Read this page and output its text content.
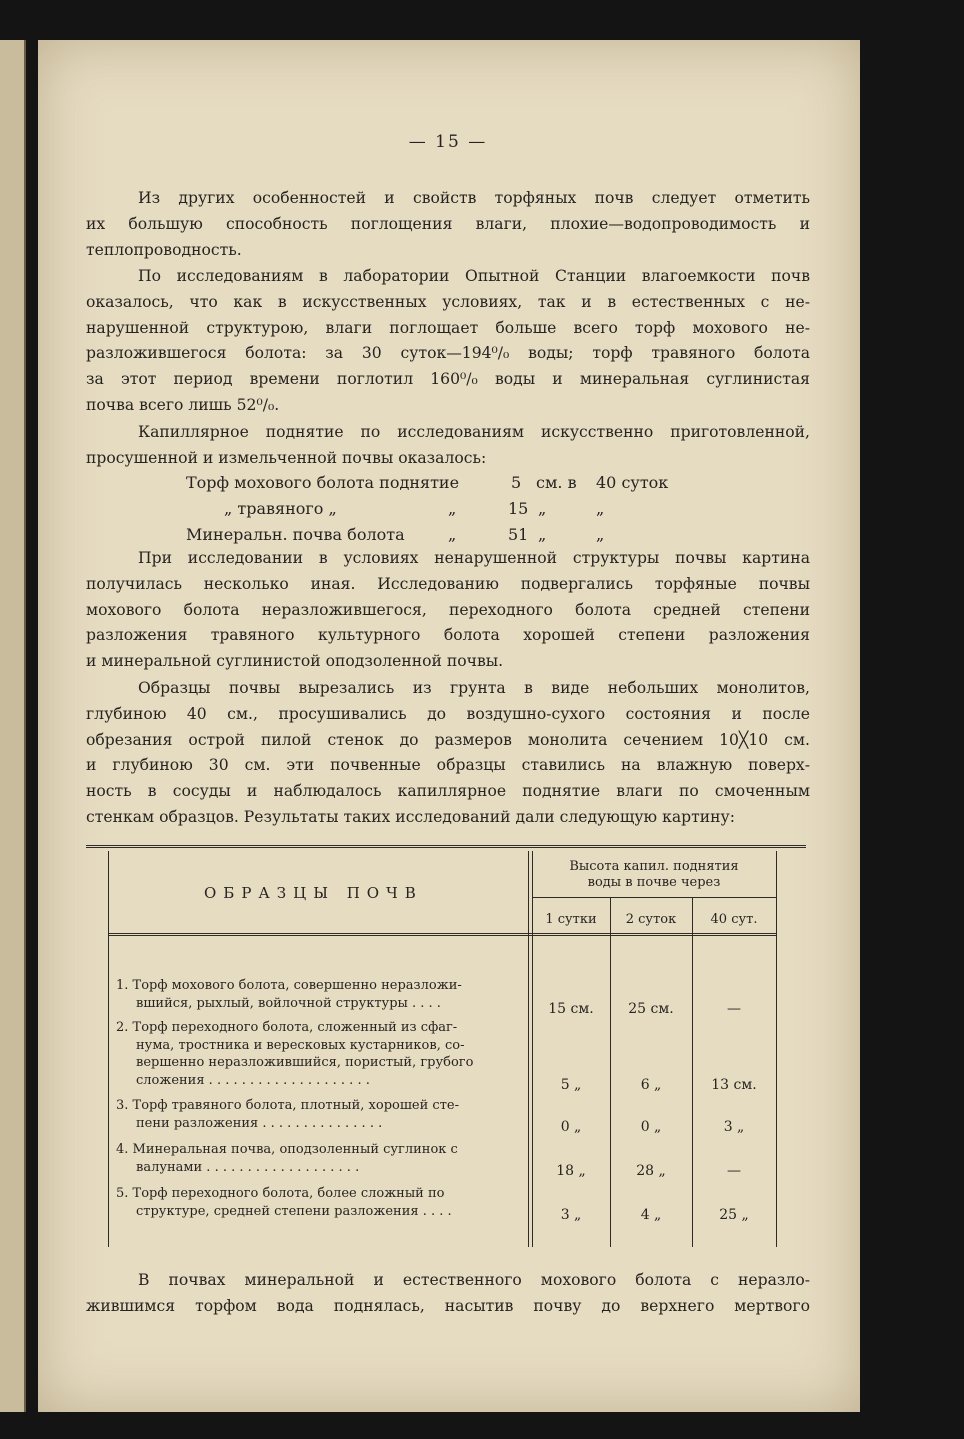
— 15 —
Из других особенностей и свойств торфяных почв следует отметить
их большую способность поглощения влаги, плохие—водопроводимость и
теплопроводность.
По исследованиям в лаборатории Опытной Станции влагоемкости почв
оказалось, что как в искусственных условиях, так и в естественных с не-
нарушенной структурою, влаги поглощает больше всего торф мохового не-
разложившегося болота: за 30 суток—194⁰/₀ воды; торф травяного болота
за этот период времени поглотил 160⁰/₀ воды и минеральная суглинистая
почва всего лишь 52⁰/₀.
Капиллярное поднятие по исследованиям искусственно приготовленной,
просушенной и измельченной почвы оказалось:
Торф мохового болота поднятие	5 см. в 40 суток
„ травяного „	„	15 „	„
Минеральн. почва болота	„	51 „	„
При исследовании в условиях ненарушенной структуры почвы картина
получилась несколько иная. Исследованию подвергались торфяные почвы
мохового болота неразложившегося, переходного болота средней степени
разложения травяного культурного болота хорошей степени разложения
и минеральной суглинистой оподзоленной почвы.
Образцы почвы вырезались из грунта в виде небольших монолитов,
глубиною 40 см., просушивались до воздушно-сухого состояния и после
обрезания острой пилой стенок до размеров монолита сечением 10╳10 см.
и глубиною 30 см. эти почвенные образцы ставились на влажную поверх-
ность в сосуды и наблюдалось капиллярное поднятие влаги по смоченным
стенкам образцов. Результаты таких исследований дали следующую картину:
ОБРАЗЦЫ ПОЧВ
Высота капил. поднятия
воды в почве через
1 сутки	2 суток	40 сут.
1. Торф мохового болота, совершенно неразложи-
вшийся, рыхлый, войлочной структуры . . . .	15 см.	25 см.	—
2. Торф переходного болота, сложенный из сфаг-
нума, тростника и вересковых кустарников, со-
вершенно неразложившийся, пористый, грубого
сложения . . . . . . . . . . . . . . . . . . . .	5 „	6 „	13 см.
3. Торф травяного болота, плотный, хорошей сте-
пени разложения . . . . . . . . . . . . . . .	0 „	0 „	3 „
4. Минеральная почва, оподзоленный суглинок с
валунами . . . . . . . . . . . . . . . . . . .	18 „	28 „	—
5. Торф переходного болота, более сложный по
структуре, средней степени разложения . . . .	3 „	4 „	25 „
В почвах минеральной и естественного мохового болота с неразло-
жившимся торфом вода поднялась, насытив почву до верхнего мертвого
